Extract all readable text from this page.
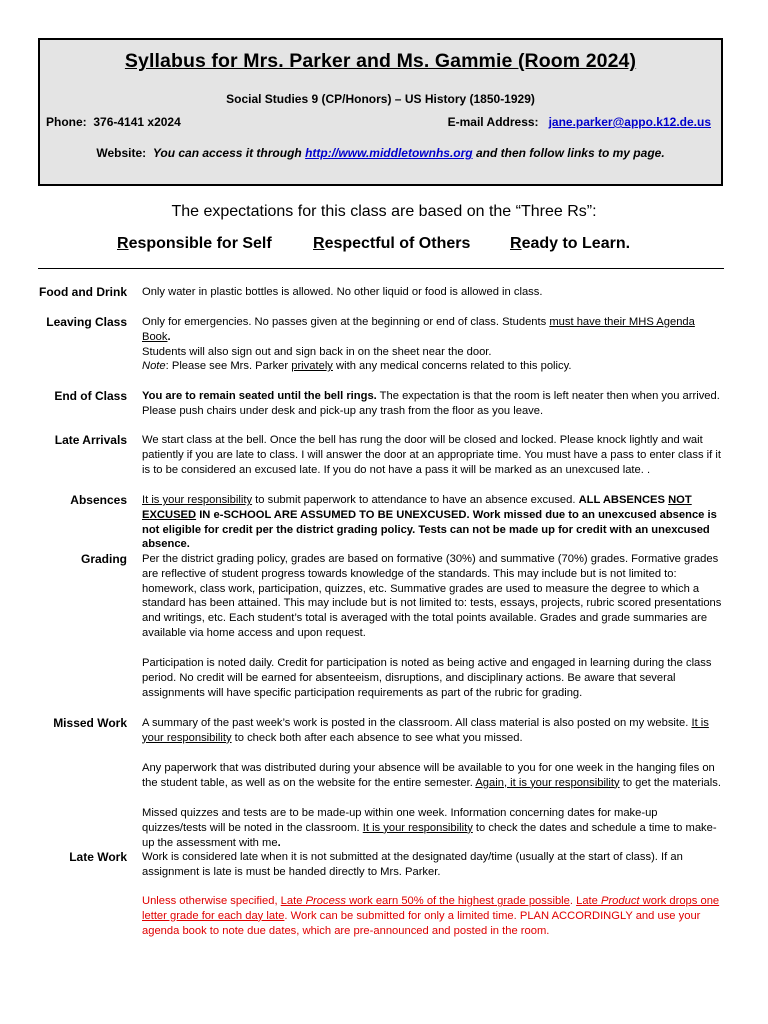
Syllabus for Mrs. Parker and Ms. Gammie (Room 2024)
Social Studies 9 (CP/Honors) – US History (1850-1929)
Phone: 376-4141 x2024	E-mail Address: jane.parker@appo.k12.de.us
Website: You can access it through http://www.middletownhs.org and then follow links to my page.
The expectations for this class are based on the “Three Rs”:
Responsible for Self	Respectful of Others Ready to Learn.
Food and Drink Only water in plastic bottles is allowed. No other liquid or food is allowed in class.
Leaving Class Only for emergencies. No passes given at the beginning or end of class. Students must have their MHS Agenda Book.
Students will also sign out and sign back in on the sheet near the door.
Note: Please see Mrs. Parker privately with any medical concerns related to this policy.
End of Class You are to remain seated until the bell rings. The expectation is that the room is left neater then when you arrived. Please push chairs under desk and pick-up any trash from the floor as you leave.
Late Arrivals We start class at the bell. Once the bell has rung the door will be closed and locked. Please knock lightly and wait patiently if you are late to class. I will answer the door at an appropriate time. You must have a pass to enter class if it is to be considered an excused late. If you do not have a pass it will be marked as an unexcused late. .
Absences It is your responsibility to submit paperwork to attendance to have an absence excused. ALL ABSENCES NOT EXCUSED IN e-SCHOOL ARE ASSUMED TO BE UNEXCUSED. Work missed due to an unexcused absence is not eligible for credit per the district grading policy. Tests can not be made up for credit with an unexcused absence.
Grading Per the district grading policy, grades are based on formative (30%) and summative (70%) grades. Formative grades are reflective of student progress towards knowledge of the standards. This may include but is not limited to: homework, class work, participation, quizzes, etc. Summative grades are used to measure the degree to which a standard has been attained. This may include but is not limited to: tests, essays, projects, rubric scored presentations and writings, etc. Each student’s total is averaged with the total points available. Grades and grade summaries are available via home access and upon request.
Participation is noted daily. Credit for participation is noted as being active and engaged in learning during the class period. No credit will be earned for absenteeism, disruptions, and disciplinary actions. Be aware that several assignments will have specific participation requirements as part of the rubric for grading.
Missed Work A summary of the past week’s work is posted in the classroom. All class material is also posted on my website. It is your responsibility to check both after each absence to see what you missed.
Any paperwork that was distributed during your absence will be available to you for one week in the hanging files on the student table, as well as on the website for the entire semester. Again, it is your responsibility to get the materials.
Missed quizzes and tests are to be made-up within one week. Information concerning dates for make-up quizzes/tests will be noted in the classroom. It is your responsibility to check the dates and schedule a time to make-up the assessment with me.
Late Work Work is considered late when it is not submitted at the designated day/time (usually at the start of class). If an assignment is late is must be handed directly to Mrs. Parker.
Unless otherwise specified, Late Process work earn 50% of the highest grade possible. Late Product work drops one letter grade for each day late. Work can be submitted for only a limited time. PLAN ACCORDINGLY and use your agenda book to note due dates, which are pre-announced and posted in the room.
